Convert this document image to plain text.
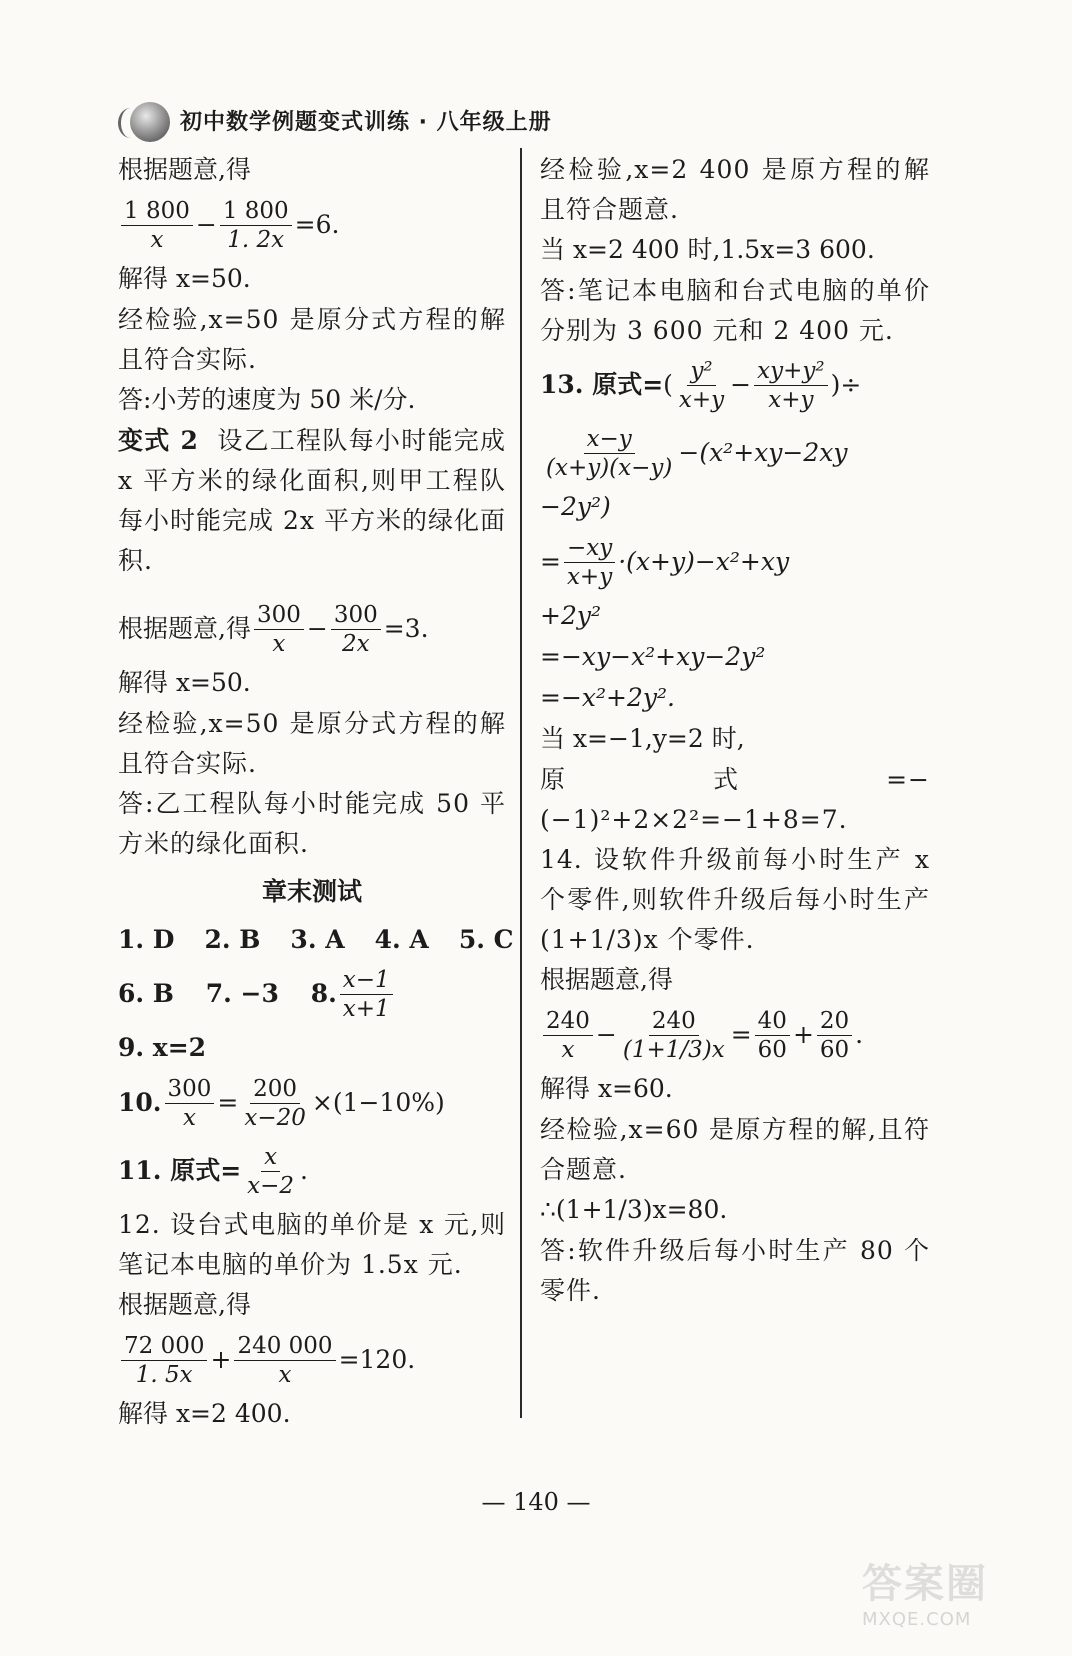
初中数学例题变式训练 · 八年级上册
根据题意,得
$\frac{1 800}{x} - \frac{1 800}{1. 2x} =6$.
解得 x=50.
经检验,x=50 是原分式方程的解且符合实际.
答:小芳的速度为 50 米/分.
变式 2 设乙工程队每小时能完成 x 平方米的绿化面积,则甲工程队每小时能完成 2x 平方米的绿化面积.
根据题意,得 $\frac{300}{x} - \frac{300}{2x} =3$.
解得 x=50.
经检验,x=50 是原分式方程的解且符合实际.
答:乙工程队每小时能完成 50 平方米的绿化面积.
章末测试
1. D 2. B 3. A 4. A 5. C
6. B
7. −3
8. $\frac{x-1}{x+1}$
9. x=2
10. $\frac{300}{x} = \frac{200}{x-20} \times(1-10\%)$
11. 原式= $\frac{x}{x-2}$ .
12. 设台式电脑的单价是 x 元,则笔记本电脑的单价为 1.5x 元.
根据题意,得
$\frac{72 000}{1. 5x} + \frac{240 000}{x} =120$.
解得 x=2 400.
经检验,x=2 400 是原方程的解且符合题意.
当 x=2 400 时,1.5x=3 600.
答:笔记本电脑和台式电脑的单价分别为 3 600 元和 2 400 元.
13. 原式= ( $\frac{\text{y²}}{x+y} - \frac{\text{xy+y²}}{x+y}$ )÷
$\frac{x-y}{(x+y)(x-y)} -(x^2+xy-2xy$
−2y²)
= $\frac{-xy}{x+y} \cdot(x+y)-x^2+xy$
+2y²
=−xy−x²+xy−2y²
=−x²+2y².
当 x=−1,y=2 时,
原式=−(−1)²+2×2²=−1+8=7.
14. 设软件升级前每小时生产 x 个零件,则软件升级后每小时生产(1+1/3)x 个零件.
根据题意,得
$\frac{240}{x} - \frac{240}{(1+1/3)x} = \frac{40}{60} + \frac{20}{60}$ .
解得 x=60.
经检验,x=60 是原方程的解,且符合题意.
∴(1+1/3)x=80.
答:软件升级后每小时生产 80 个零件.
— 140 —
答案圈
MXQE.COM
